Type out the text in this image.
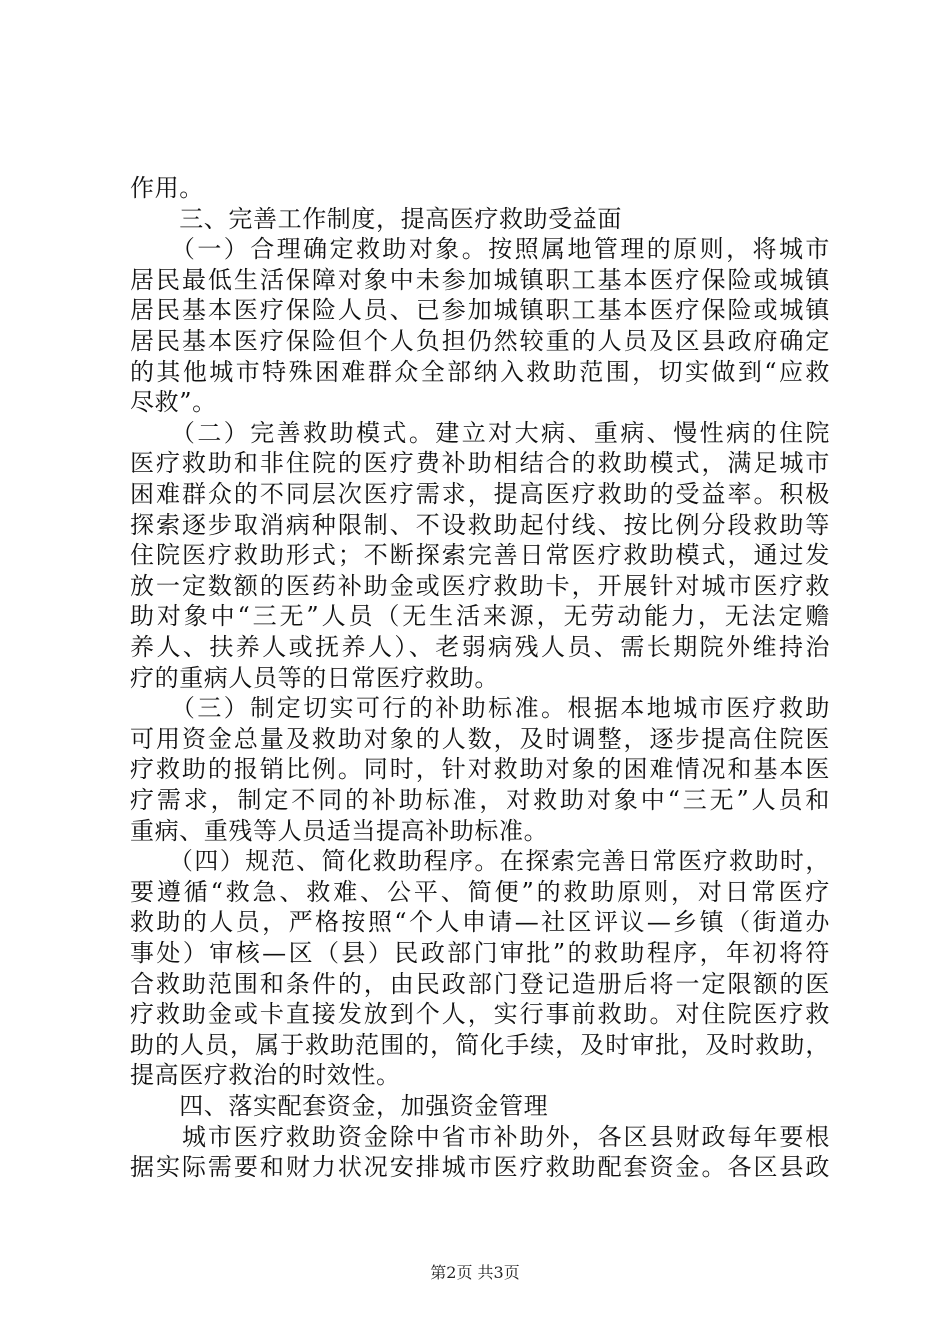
作用。
　　三、完善工作制度，提高医疗救助受益面
　　（一）合理确定救助对象。按照属地管理的原则，将城市
居民最低生活保障对象中未参加城镇职工基本医疗保险或城镇
居民基本医疗保险人员、已参加城镇职工基本医疗保险或城镇
居民基本医疗保险但个人负担仍然较重的人员及区县政府确定
的其他城市特殊困难群众全部纳入救助范围，切实做到“应救
尽救”。
　　（二）完善救助模式。建立对大病、重病、慢性病的住院
医疗救助和非住院的医疗费补助相结合的救助模式，满足城市
困难群众的不同层次医疗需求，提高医疗救助的受益率。积极
探索逐步取消病种限制、不设救助起付线、按比例分段救助等
住院医疗救助形式；不断探索完善日常医疗救助模式，通过发
放一定数额的医药补助金或医疗救助卡，开展针对城市医疗救
助对象中“三无”人员（无生活来源，无劳动能力，无法定赡
养人、扶养人或抚养人）、老弱病残人员、需长期院外维持治
疗的重病人员等的日常医疗救助。
　　（三）制定切实可行的补助标准。根据本地城市医疗救助
可用资金总量及救助对象的人数，及时调整，逐步提高住院医
疗救助的报销比例。同时，针对救助对象的困难情况和基本医
疗需求，制定不同的补助标准，对救助对象中“三无”人员和
重病、重残等人员适当提高补助标准。
　　（四）规范、简化救助程序。在探索完善日常医疗救助时，
要遵循“救急、救难、公平、简便”的救助原则，对日常医疗
救助的人员，严格按照“个人申请—社区评议—乡镇（街道办
事处）审核—区（县）民政部门审批”的救助程序，年初将符
合救助范围和条件的，由民政部门登记造册后将一定限额的医
疗救助金或卡直接发放到个人，实行事前救助。对住院医疗救
助的人员，属于救助范围的，简化手续，及时审批，及时救助，
提高医疗救治的时效性。
　　四、落实配套资金，加强资金管理
　　城市医疗救助资金除中省市补助外，各区县财政每年要根
据实际需要和财力状况安排城市医疗救助配套资金。各区县政
第2页 共3页
